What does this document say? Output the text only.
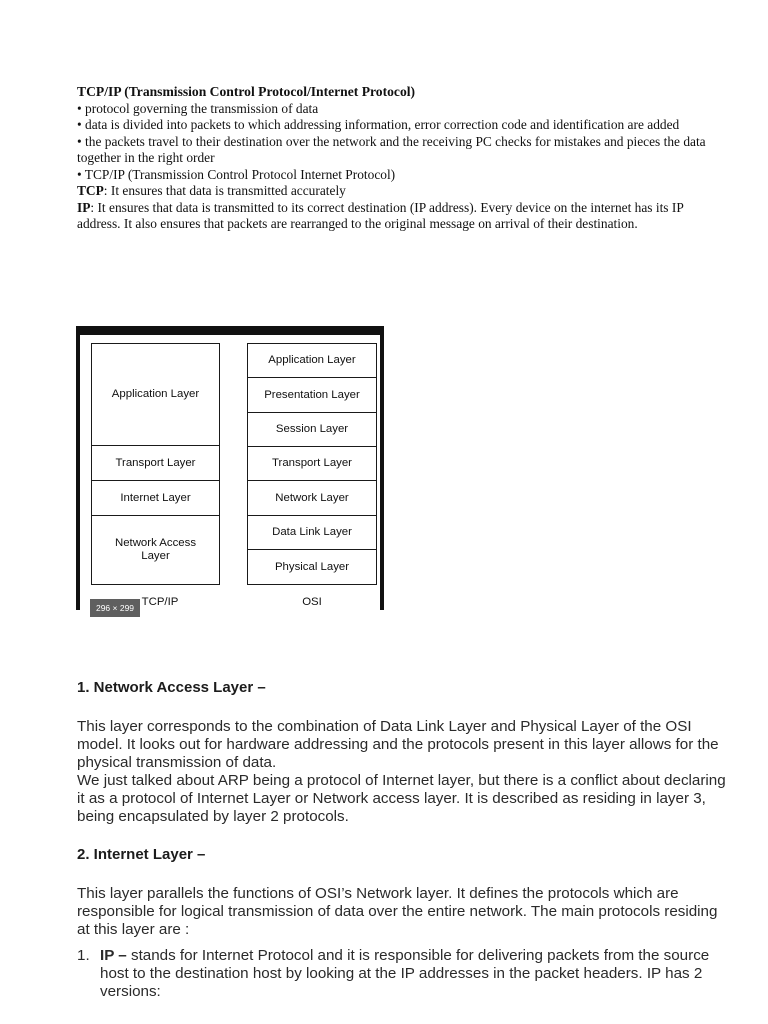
TCP/IP (Transmission Control Protocol/Internet Protocol)

• protocol governing the transmission of data

• data is divided into packets to which addressing information, error correction code and identification are added

• the packets travel to their destination over the network and the receiving PC checks for mistakes and pieces the data together in the right order

• TCP/IP (Transmission Control Protocol Internet Protocol)

TCP: It ensures that data is transmitted accurately

IP: It ensures that data is transmitted to its correct destination (IP address). Every device on the internet has its IP address. It also ensures that packets are rearranged to the original message on arrival of their destination.

Application Layer
Transport Layer
Internet Layer
Network Access Layer
Application Layer
Presentation Layer
Session Layer
Transport Layer
Network Layer
Data Link Layer
Physical Layer
TCP/IP	OSI
296 × 299
1. Network Access Layer –

This layer corresponds to the combination of Data Link Layer and Physical Layer of the OSI model. It looks out for hardware addressing and the protocols present in this layer allows for the physical transmission of data.

We just talked about ARP being a protocol of Internet layer, but there is a conflict about declaring it as a protocol of Internet Layer or Network access layer. It is described as residing in layer 3, being encapsulated by layer 2 protocols.

2. Internet Layer –

This layer parallels the functions of OSI’s Network layer. It defines the protocols which are responsible for logical transmission of data over the entire network. The main protocols residing at this layer are :

1. IP – stands for Internet Protocol and it is responsible for delivering packets from the source host to the destination host by looking at the IP addresses in the packet headers. IP has 2 versions:
